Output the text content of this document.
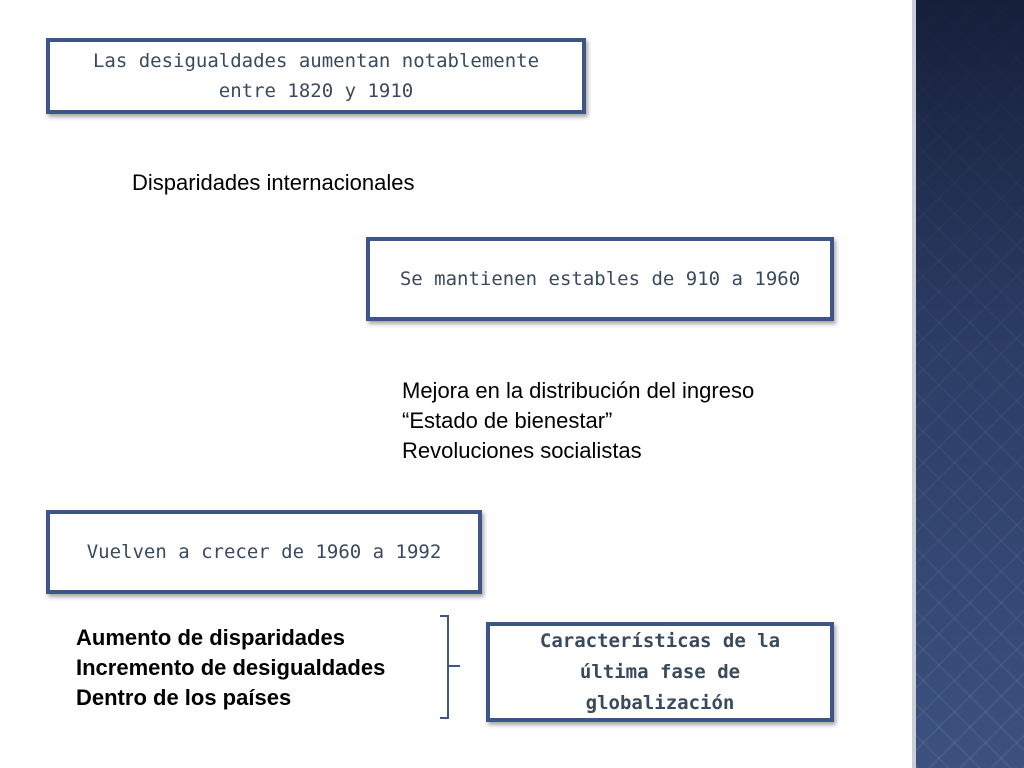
Las desigualdades aumentan notablemente entre 1820 y 1910
Disparidades internacionales
Se mantienen estables de 910 a 1960
Mejora en la distribución del ingreso
“Estado de bienestar”
Revoluciones socialistas
Vuelven a crecer de 1960 a 1992
Aumento de disparidades
Incremento de desigualdades
Dentro de los países
Características de la última fase de globalización
